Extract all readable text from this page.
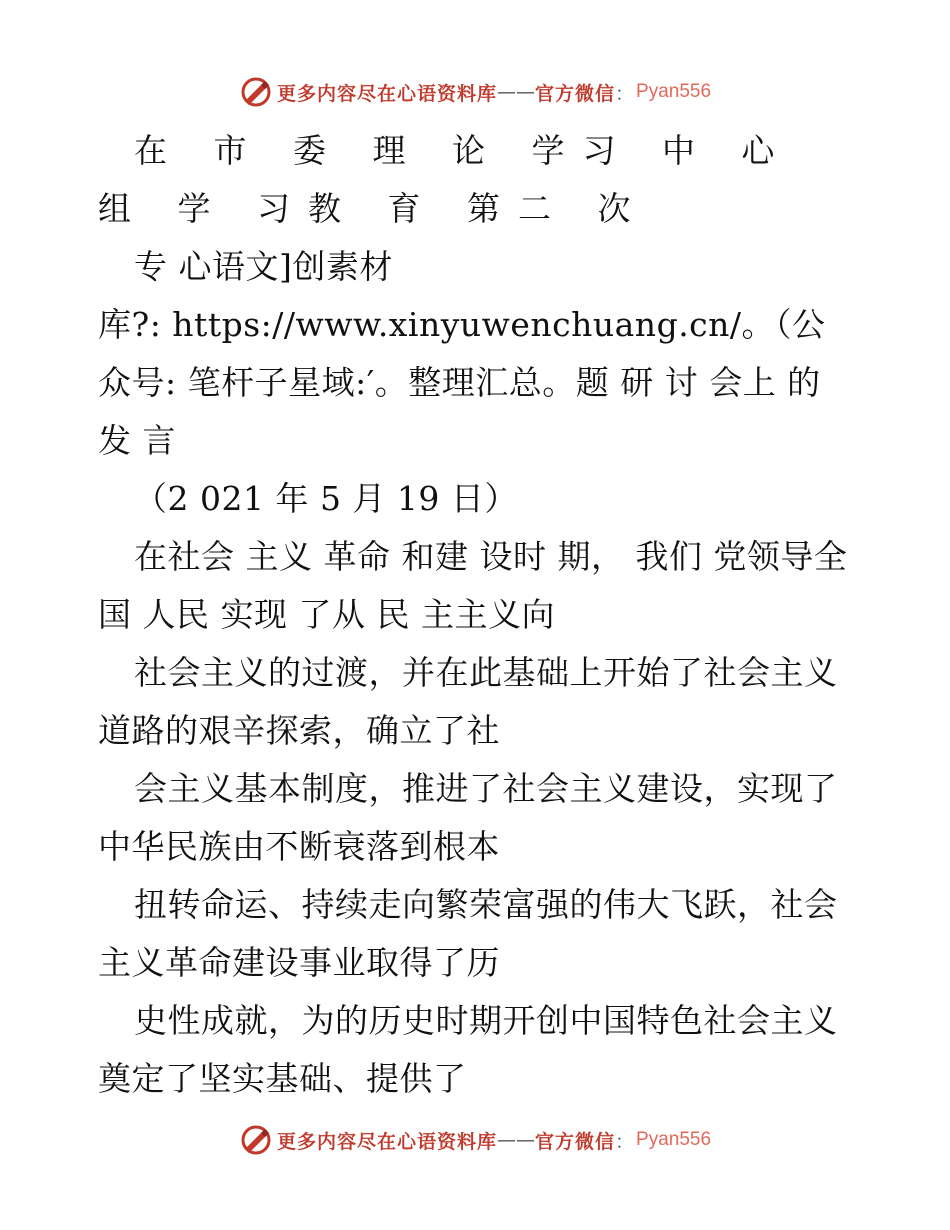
更多内容尽在心语资料库 —— 官方微信 ： Pyan556

在 市 委 理 论 学习 中 心 组 学 习教 育 第二 次

专 心语文]创素材

库?: https://www.xinyuwenchuang.cn/。（公众号: 笔杆子星域:′。整理汇总。题 研 讨 会上 的 发 言

（2 021 年 5 月 19 日）

在社会 主义 革命 和建 设时 期， 我们 党领导全国 人民 实现 了从 民 主主义向

社会主义的过渡，并在此基础上开始了社会主义道路的艰辛探索，确立了社

会主义基本制度，推进了社会主义建设，实现了中华民族由不断衰落到根本

扭转命运、持续走向繁荣富强的伟大飞跃，社会主义革命建设事业取得了历

史性成就，为的历史时期开创中国特色社会主义奠定了坚实基础、提供了

更多内容尽在心语资料库 —— 官方微信 ： Pyan556
